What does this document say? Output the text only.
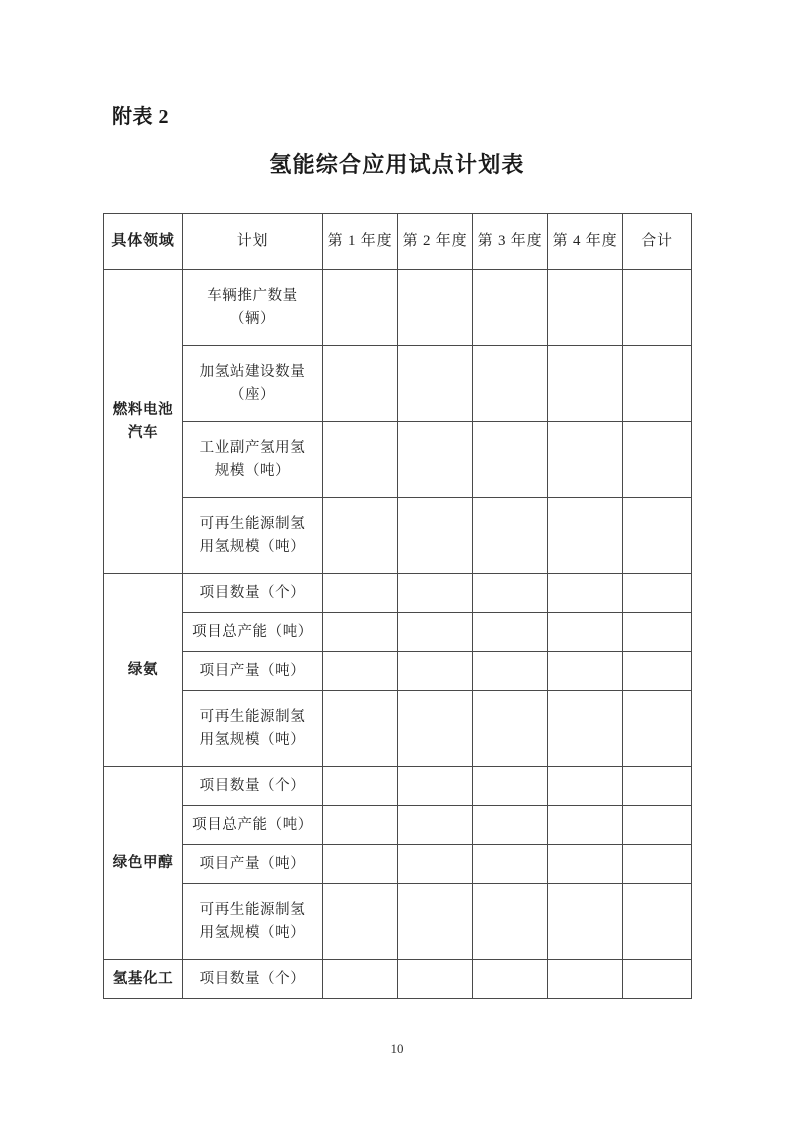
附表 2
氢能综合应用试点计划表
具体领域	计划	第 1 年度	第 2 年度	第 3 年度	第 4 年度	合计
燃料电池汽车	车辆推广数量
（辆）					

	加氢站建设数量
（座）					

	工业副产氢用氢
规模（吨）					

	可再生能源制氢
用氢规模（吨）					

绿氨	项目数量（个）					
	项目总产能（吨）					
	项目产量（吨）					
	可再生能源制氢
用氢规模（吨）					

绿色甲醇	项目数量（个）					
	项目总产能（吨）					
	项目产量（吨）					
	可再生能源制氢
用氢规模（吨）					

氢基化工	项目数量（个）					
10
